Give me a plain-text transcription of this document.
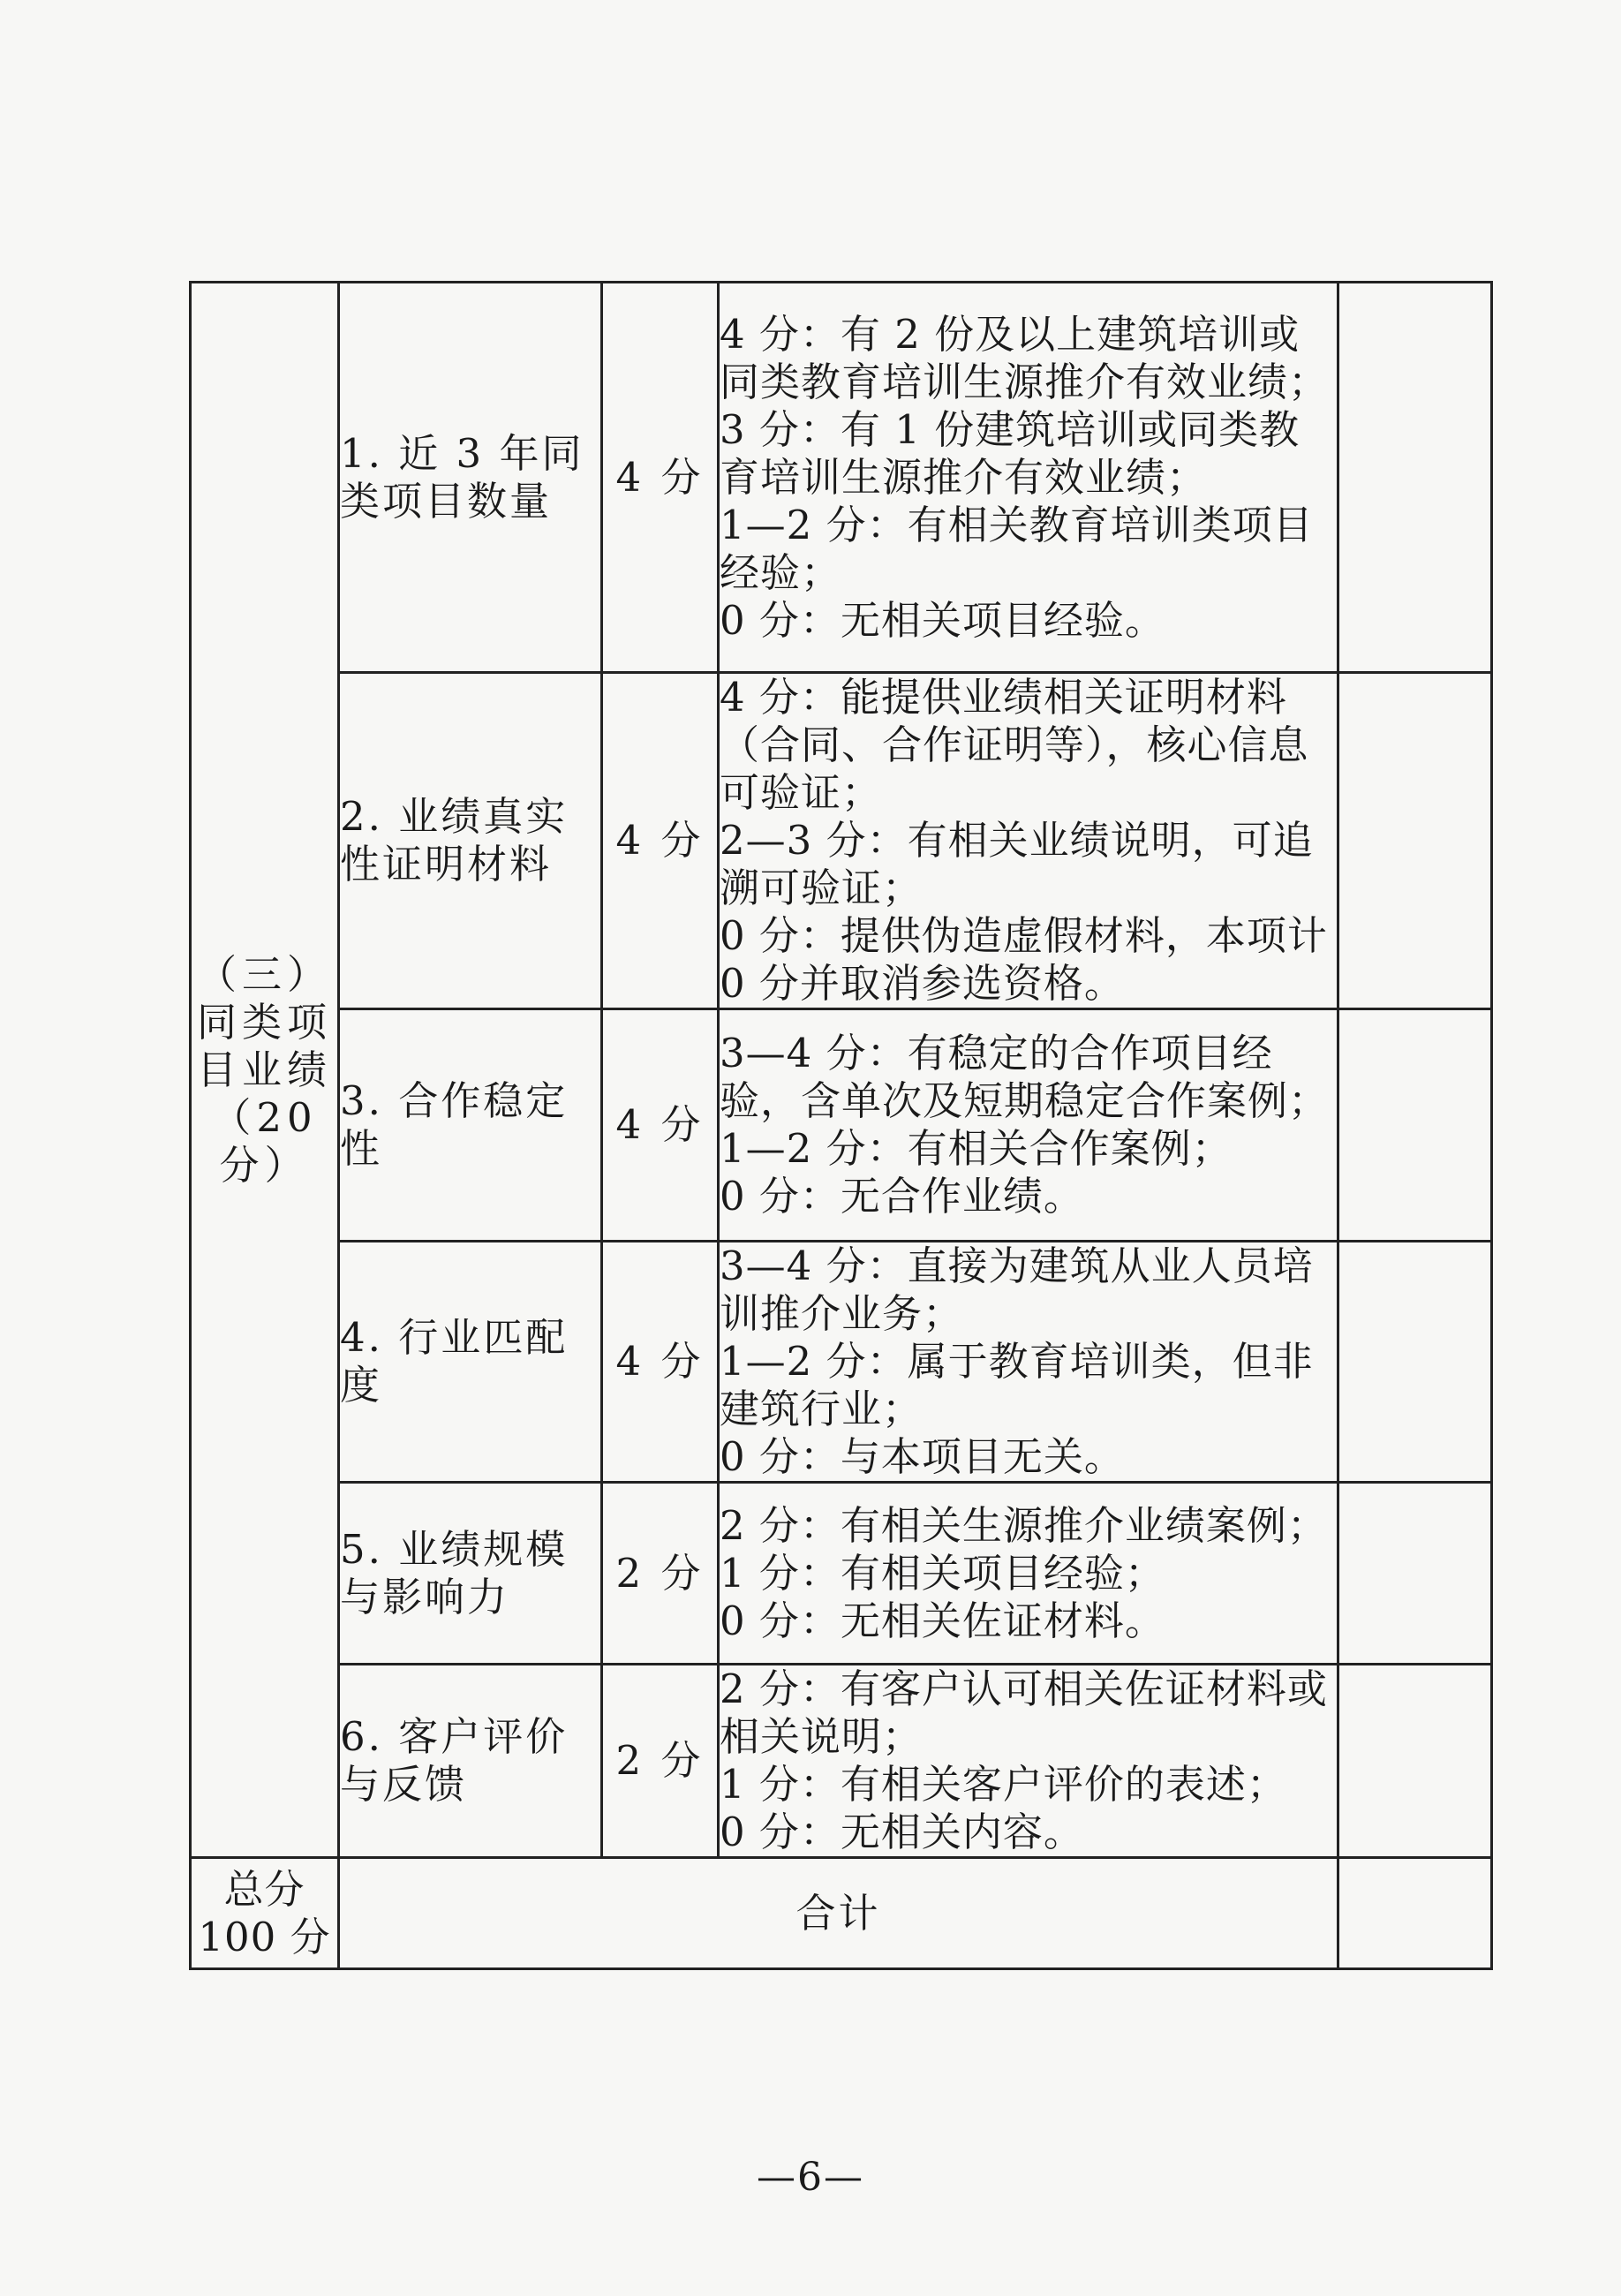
（三）同类项目业绩（20分）	1. 近 3 年同类项目数量	4 分	4 分：有 2 份及以上建筑培训或同类教育培训生源推介有效业绩；
3 分：有 1 份建筑培训或同类教育培训生源推介有效业绩；
1—2 分：有相关教育培训类项目经验；
0 分：无相关项目经验。	

	2. 业绩真实性证明材料	4 分	4 分：能提供业绩相关证明材料（合同、合作证明等），核心信息可验证；
2—3 分：有相关业绩说明，可追溯可验证；
0 分：提供伪造虚假材料，本项计 0 分并取消参选资格。	

	3. 合作稳定性	4 分	3—4 分：有稳定的合作项目经验，含单次及短期稳定合作案例；
1—2 分：有相关合作案例；
0 分：无合作业绩。	

	4. 行业匹配度	4 分	3—4 分：直接为建筑从业人员培训推介业务；
1—2 分：属于教育培训类，但非建筑行业；
0 分：与本项目无关。	

	5. 业绩规模与影响力	2 分	2 分：有相关生源推介业绩案例；
1 分：有相关项目经验；
0 分：无相关佐证材料。	

	6. 客户评价与反馈	2 分	2 分：有客户认可相关佐证材料或相关说明；
1 分：有相关客户评价的表述；
0 分：无相关内容。	

总分 100 分	合计			
—6—
